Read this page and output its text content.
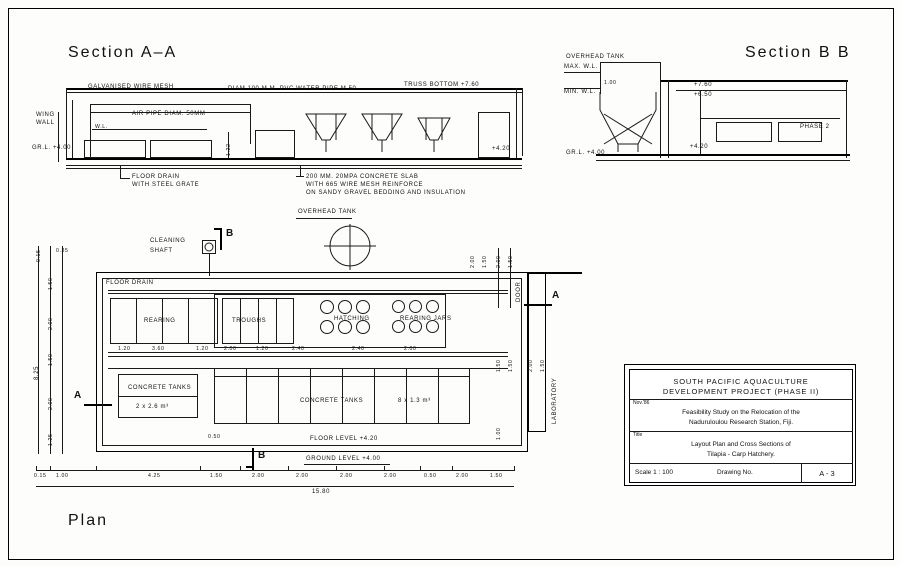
Section A–A
GALVANISED WIRE MESH	DIAM 100 M.M. PVC WATER PIPE M.50
TRUSS BOTTOM +7.60
AIR PIPE DIAM. 50MM
WING
WALL
GR.L. +4.00
W.L.
1.22	+4.20
FLOOR DRAIN
WITH STEEL GRATE
200 MM. 20MPA CONCRETE SLAB
WITH 665 WIRE MESH REINFORCE
ON SANDY GRAVEL BEDDING AND INSULATION
Section B B
OVERHEAD TANK
MAX. W.L.
MIN. W.L.
1.00	+7.60
+6.50
GR.L. +4.00
+4.20
PHASE 2
Plan
OVERHEAD TANK
CLEANING
SHAFT
B
B
A
A	LABORATORY
DOOR
FLOOR DRAIN
REARING	TROUGHS	HATCHING	REARING JARS
CONCRETE TANKS
2 x 2.6 m³
CONCRETE TANKS	8 x 1.3 m³
FLOOR LEVEL +4.20
GROUND LEVEL +4.00
0.15
1.50
2.00
1.50
2.00
1.25
8.25
2.00 1.50
1.50 1.50	2.00 1.50
1.00
1.20	3.60	1.20	2.00	1.20	2.40	2.40	2.00
0.15 1.00	4.25	1.50	2.00	2.00	2.00	2.00	0.50	2.00	1.50
15.80
0.50
0.35
1.50
2.00
SOUTH PACIFIC AQUACULTURE
DEVELOPMENT PROJECT (PHASE II)
Nov.'86
Feasibility Study on the Relocation of the
Naduruloulou Research Station, Fiji.
Title
Layout Plan and Cross Sections of
Tilapia - Carp Hatchery.
Scale 1 : 100	Drawing No.	A - 3
